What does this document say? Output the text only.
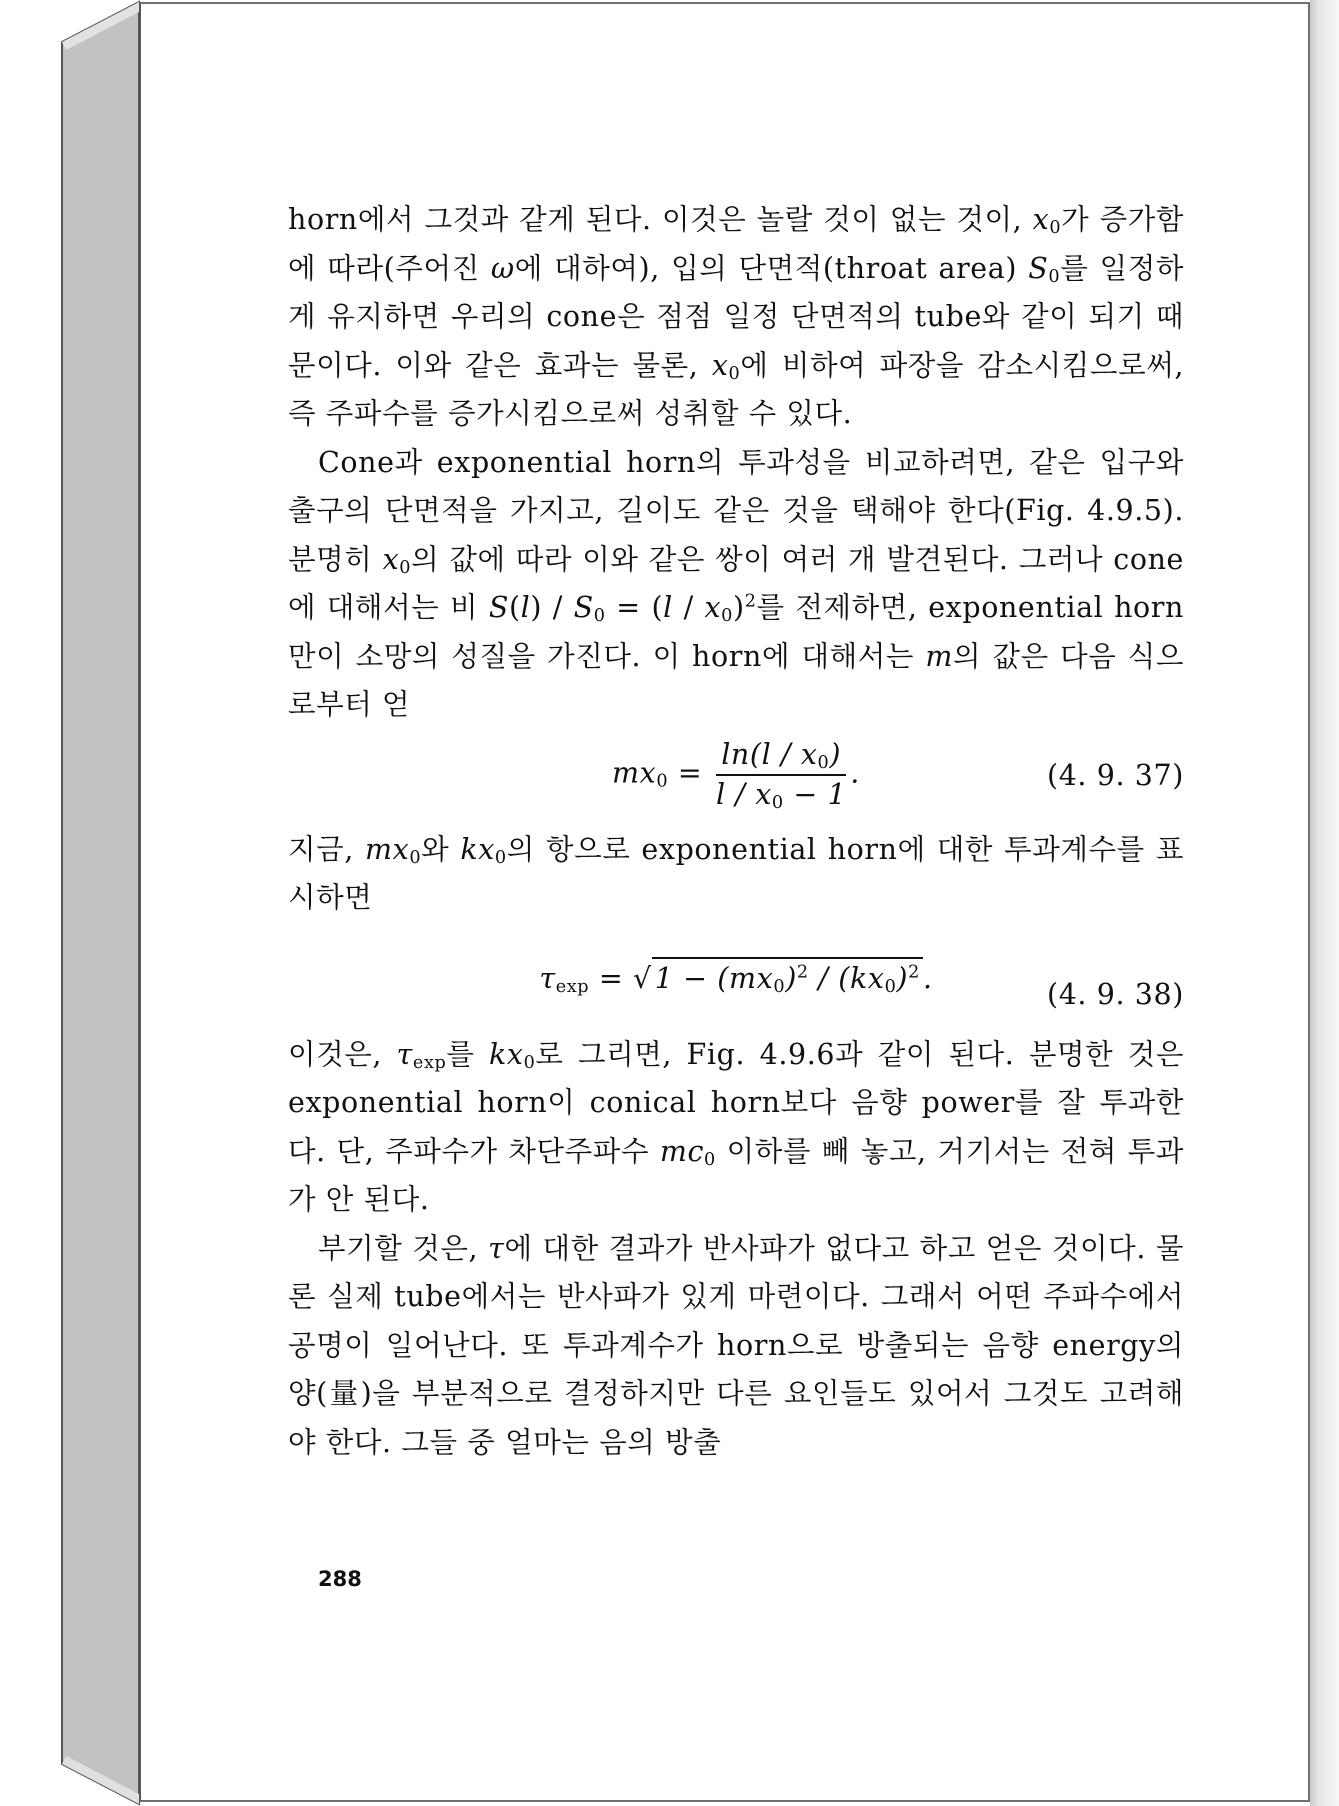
horn에서 그것과 같게 된다. 이것은 놀랄 것이 없는 것이, $x_0$가 증가함에 따라(주어진 ω에 대하여), 입의 단면적(throat area) $S_0$를 일정하게 유지하면 우리의 cone은 점점 일정 단면적의 tube와 같이 되기 때문이다. 이와 같은 효과는 물론, $x_0$에 비하여 파장을 감소시킴으로써, 즉 주파수를 증가시킴으로써 성취할 수 있다.

Cone과 exponential horn의 투과성을 비교하려면, 같은 입구와 출구의 단면적을 가지고, 길이도 같은 것을 택해야 한다(Fig. 4.9.5). 분명히 $x_0$의 값에 따라 이와 같은 쌍이 여러 개 발견된다. 그러나 cone에 대해서는 비 $S(l) / S_0 = (l / x_0)^2$를 전제하면, exponential horn만이 소망의 성질을 가진다. 이 horn에 대해서는 m의 값은 다음 식으로부터 얻

$mx_0 = \frac{\ln(l / x_0)}{l / x_0 - 1}$ .	(4. 9. 37)

지금, $mx_0$와 $kx_0$의 항으로 exponential horn에 대한 투과계수를 표시하면

$\tau_{exp}$ = √ $1 - (mx_0)^2 / (kx_0)^2$ .	(4. 9. 38)

이것은, $\tau_{exp}$를 $kx_0$로 그리면, Fig. 4.9.6과 같이 된다. 분명한 것은 exponential horn이 conical horn보다 음향 power를 잘 투과한다. 단, 주파수가 차단주파수 $mc_0$ 이하를 빼 놓고, 거기서는 전혀 투과가 안 된다.

부기할 것은, τ에 대한 결과가 반사파가 없다고 하고 얻은 것이다. 물론 실제 tube에서는 반사파가 있게 마련이다. 그래서 어떤 주파수에서 공명이 일어난다. 또 투과계수가 horn으로 방출되는 음향 energy의 양(量)을 부분적으로 결정하지만 다른 요인들도 있어서 그것도 고려해야 한다. 그들 중 얼마는 음의 방출

288
